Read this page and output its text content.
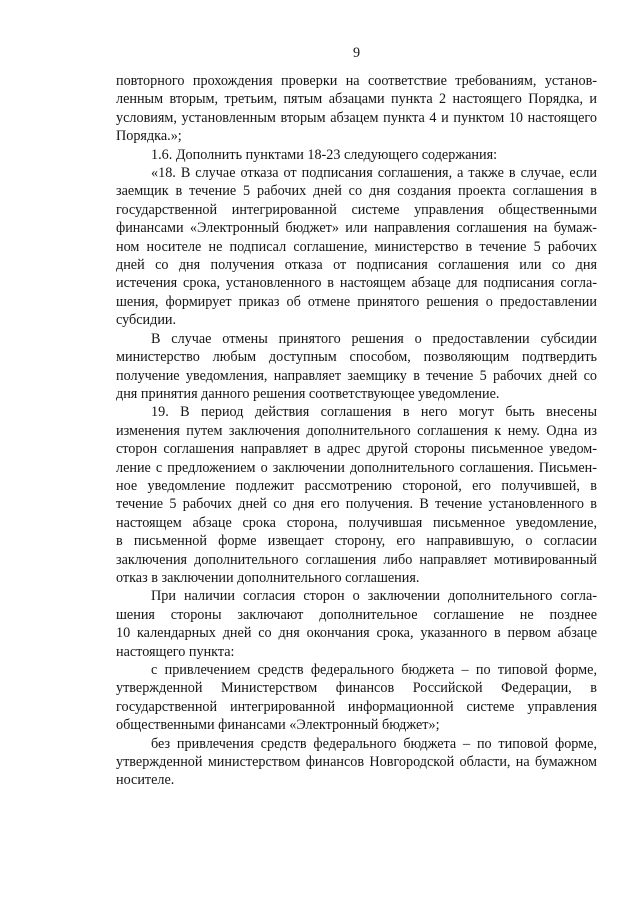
9
повторного прохождения проверки на соответствие требованиям, установ-
ленным вторым, третьим, пятым абзацами пункта 2 настоящего Порядка, и
условиям, установленным вторым абзацем пункта 4 и пунктом 10 настоящего
Порядка.»;
1.6. Дополнить пунктами 18-23 следующего содержания:
«18. В случае отказа от подписания соглашения, а также в случае, если
заемщик в течение 5 рабочих дней со дня создания проекта соглашения в
государственной интегрированной системе управления общественными
финансами «Электронный бюджет» или направления соглашения на бумаж-
ном носителе не подписал соглашение, министерство в течение 5 рабочих
дней со дня получения отказа от подписания соглашения или со дня
истечения срока, установленного в настоящем абзаце для подписания согла-
шения, формирует приказ об отмене принятого решения о предоставлении
субсидии.
В случае отмены принятого решения о предоставлении субсидии
министерство любым доступным способом, позволяющим подтвердить
получение уведомления, направляет заемщику в течение 5 рабочих дней со
дня принятия данного решения соответствующее уведомление.
19. В период действия соглашения в него могут быть внесены
изменения путем заключения дополнительного соглашения к нему. Одна из
сторон соглашения направляет в адрес другой стороны письменное уведом-
ление с предложением о заключении дополнительного соглашения. Письмен-
ное уведомление подлежит рассмотрению стороной, его получившей, в
течение 5 рабочих дней со дня его получения. В течение установленного в
настоящем абзаце срока сторона, получившая письменное уведомление,
в письменной форме извещает сторону, его направившую, о согласии
заключения дополнительного соглашения либо направляет мотивированный
отказ в заключении дополнительного соглашения.
При наличии согласия сторон о заключении дополнительного согла-
шения стороны заключают дополнительное соглашение не позднее
10 календарных дней со дня окончания срока, указанного в первом абзаце
настоящего пункта:
с привлечением средств федерального бюджета – по типовой форме,
утвержденной Министерством финансов Российской Федерации, в
государственной интегрированной информационной системе управления
общественными финансами «Электронный бюджет»;
без привлечения средств федерального бюджета – по типовой форме,
утвержденной министерством финансов Новгородской области, на бумажном
носителе.
